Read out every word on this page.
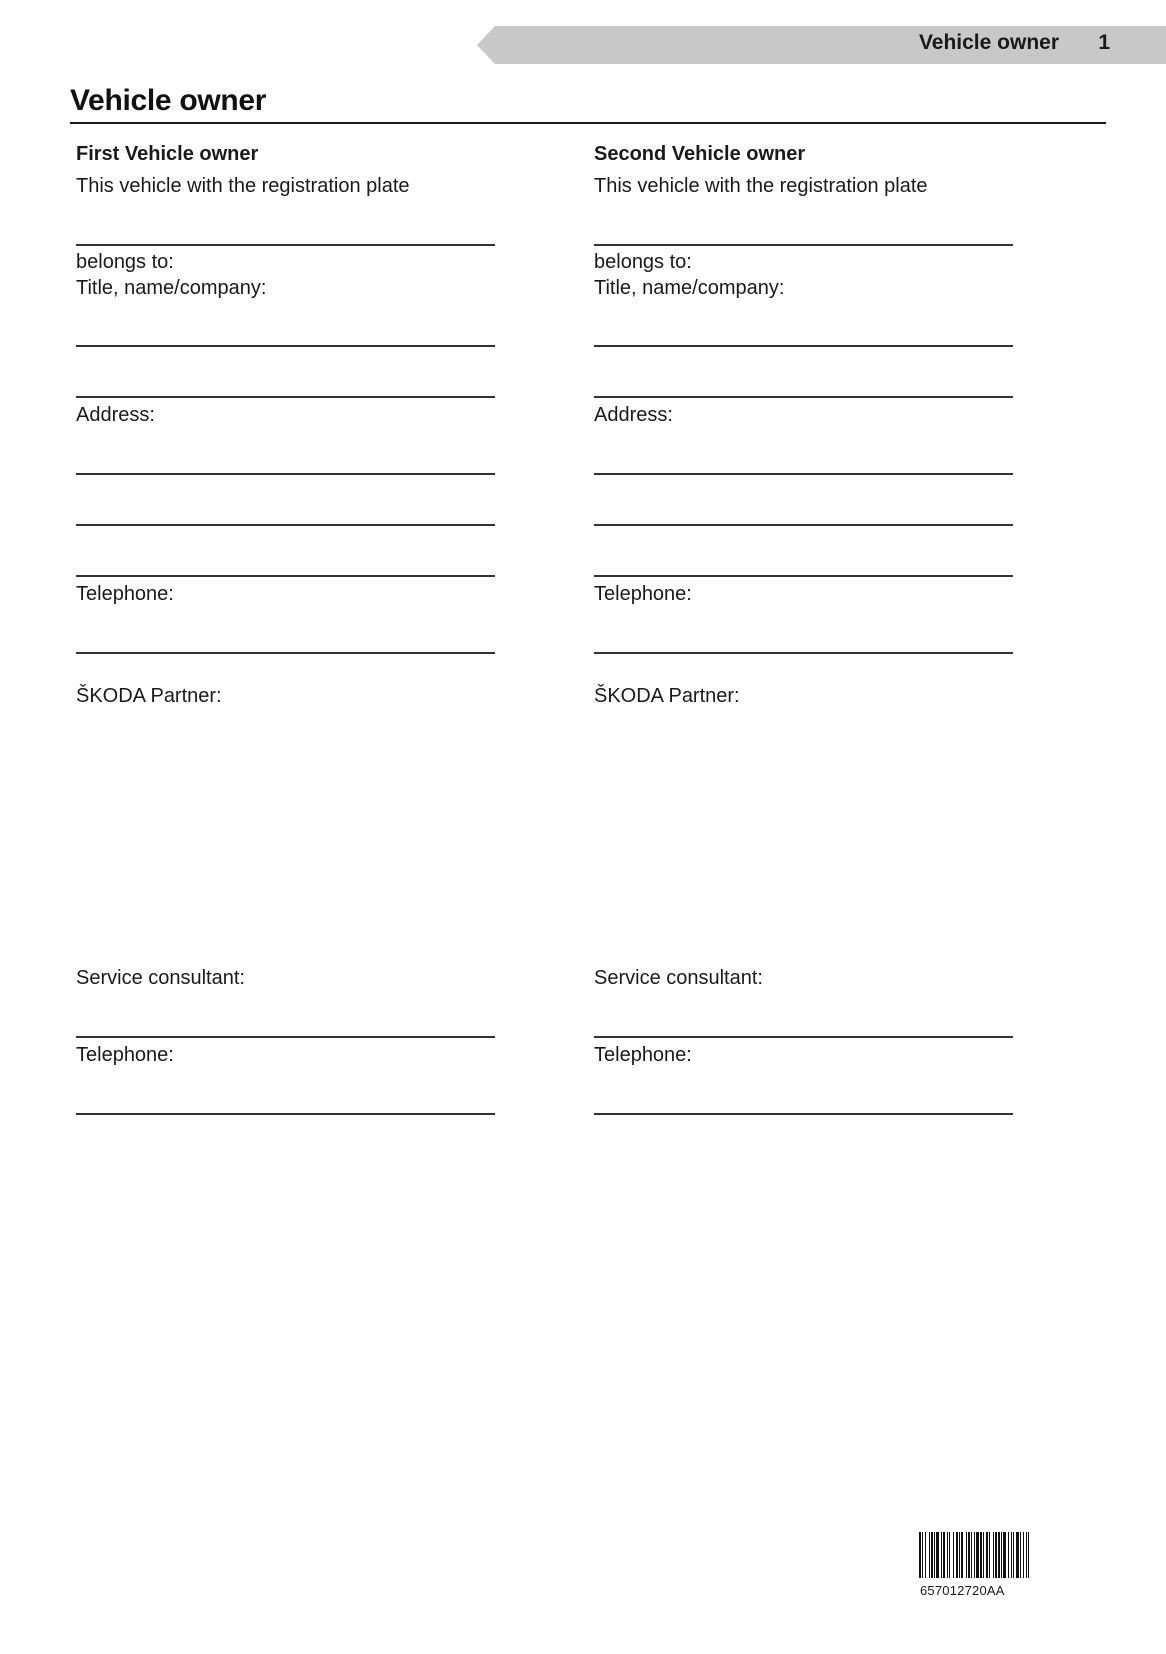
Vehicle owner 1
Vehicle owner
First Vehicle owner
This vehicle with the registration plate
belongs to:
Title, name/company:
Address:
Telephone:
ŠKODA Partner:
Service consultant:
Telephone:
Second Vehicle owner
This vehicle with the registration plate
belongs to:
Title, name/company:
Address:
Telephone:
ŠKODA Partner:
Service consultant:
Telephone:
657012720AA
